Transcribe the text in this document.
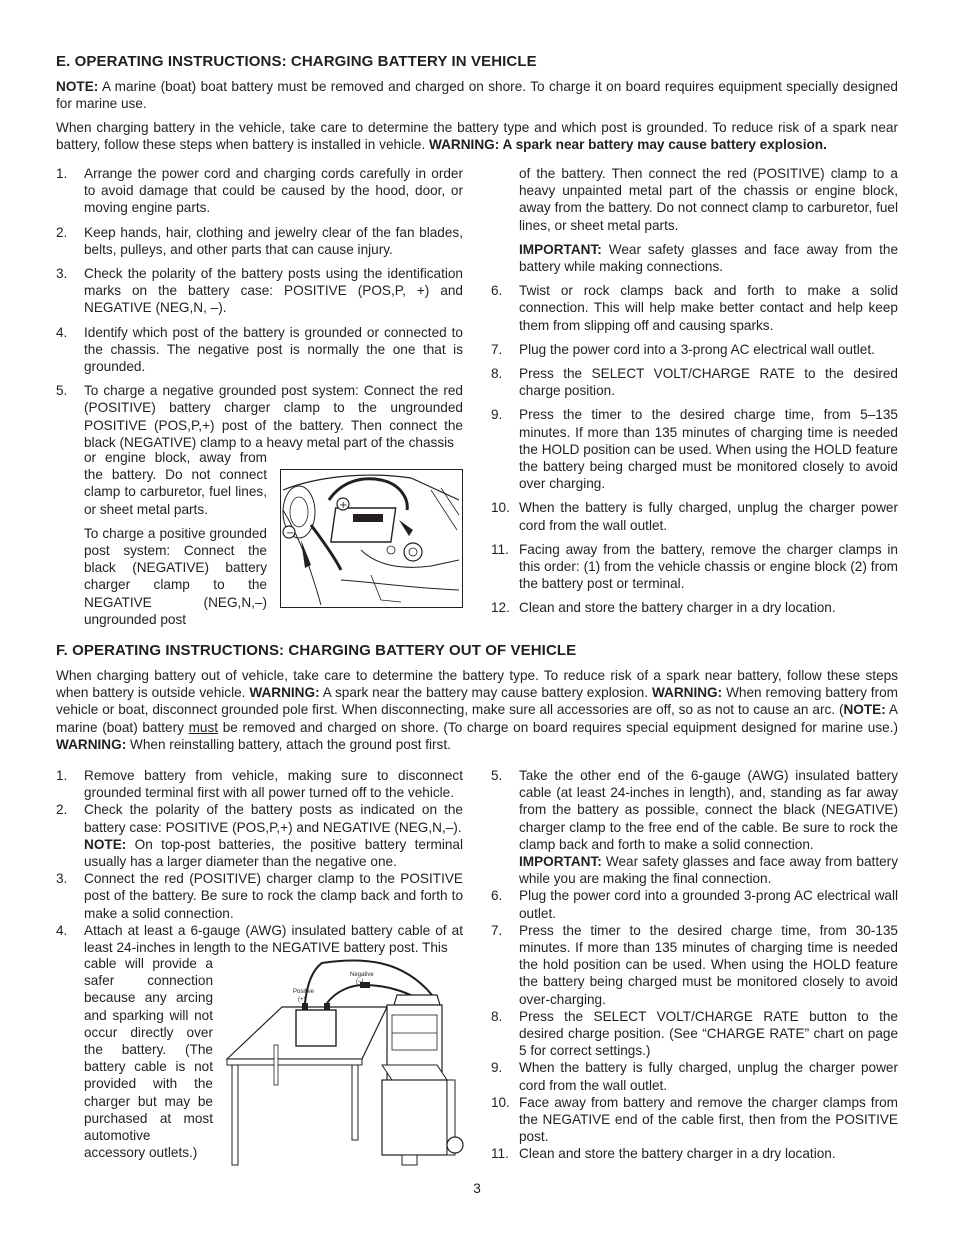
E. OPERATING INSTRUCTIONS: CHARGING BATTERY IN VEHICLE

NOTE: A marine (boat) boat battery must be removed and charged on shore. To charge it on board requires equipment specially designed for marine use.

When charging battery in the vehicle, take care to determine the battery type and which post is grounded. To reduce risk of a spark near battery, follow these steps when battery is installed in vehicle. WARNING: A spark near battery may cause battery explosion.

1. Arrange the power cord and charging cords carefully in order to avoid damage that could be caused by the hood, door, or moving engine parts.
2. Keep hands, hair, clothing and jewelry clear of the fan blades, belts, pulleys, and other parts that can cause injury.
3. Check the polarity of the battery posts using the identification marks on the battery case: POSITIVE (POS,P, +) and NEGATIVE (NEG,N, –).
4. Identify which post of the battery is grounded or connected to the chassis. The negative post is normally the one that is grounded.
5. To charge a negative grounded post system: Connect the red (POSITIVE) battery charger clamp to the ungrounded POSITIVE (POS,P,+) post of the battery. Then connect the black (NEGATIVE) clamp to a heavy metal part of the chassis

or engine block, away from the battery. Do not connect clamp to carburetor, fuel lines, or sheet metal parts.

To charge a positive grounded post system: Connect the black (NEGATIVE) battery charger clamp to the NEGATIVE (NEG,N,–) ungrounded post

+
−

of the battery. Then connect the red (POSITIVE) clamp to a heavy unpainted metal part of the chassis or engine block, away from the battery. Do not connect clamp to carburetor, fuel lines, or sheet metal parts.

IMPORTANT: Wear safety glasses and face away from the battery while making connections.

6. Twist or rock clamps back and forth to make a solid connection. This will help make better contact and help keep them from slipping off and causing sparks.
7. Plug the power cord into a 3-prong AC electrical wall outlet.
8. Press the SELECT VOLT/CHARGE RATE to the desired charge position.
9. Press the timer to the desired charge time, from 5–135 minutes. If more than 135 minutes of charging time is needed the HOLD position can be used. When using the HOLD feature the battery being charged must be monitored closely to avoid over charging.
10. When the battery is fully charged, unplug the charger power cord from the wall outlet.
11. Facing away from the battery, remove the charger clamps in this order: (1) from the vehicle chassis or engine block (2) from the battery post or terminal.
12. Clean and store the battery charger in a dry location.
F. OPERATING INSTRUCTIONS: CHARGING BATTERY OUT OF VEHICLE

When charging battery out of vehicle, take care to determine the battery type. To reduce risk of a spark near battery, follow these steps when battery is outside vehicle. WARNING: A spark near the battery may cause battery explosion. WARNING: When removing battery from vehicle or boat, disconnect grounded pole first. When disconnecting, make sure all accessories are off, so as not to cause an arc. (NOTE: A marine (boat) battery must be removed and charged on shore. (To charge on board requires special equipment designed for marine use.) WARNING: When reinstalling battery, attach the ground post first.

1. Remove battery from vehicle, making sure to disconnect grounded terminal first with all power turned off to the vehicle.
2. Check the polarity of the battery posts as indicated on the battery case: POSITIVE (POS,P,+) and NEGATIVE (NEG,N,–).
NOTE: On top-post batteries, the positive battery terminal usually has a larger diameter than the negative one.
3. Connect the red (POSITIVE) charger clamp to the POSITIVE post of the battery. Be sure to rock the clamp back and forth to make a solid connection.
4. Attach at least a 6-gauge (AWG) insulated battery cable of at least 24-inches in length to the NEGATIVE battery post. This

cable will provide a safer connection because any arcing and sparking will not occur directly over the battery. (The battery cable is not provided with the charger but may be purchased at most automotive accessory outlets.)

Positive
(+)
Negative
(–)
5. Take the other end of the 6-gauge (AWG) insulated battery cable (at least 24-inches in length), and, standing as far away from the battery as possible, connect the black (NEGATIVE) charger clamp to the free end of the cable. Be sure to rock the clamp back and forth to make a solid connection.
IMPORTANT: Wear safety glasses and face away from battery while you are making the final connection.
6. Plug the power cord into a grounded 3-prong AC electrical wall outlet.
7. Press the timer to the desired charge time, from 30-135 minutes. If more than 135 minutes of charging time is needed the hold position can be used. When using the HOLD feature the battery being charged must be monitored closely to avoid over-charging.
8. Press the SELECT VOLT/CHARGE RATE button to the desired charge position. (See “CHARGE RATE” chart on page 5 for correct settings.)
9. When the battery is fully charged, unplug the charger power cord from the wall outlet.
10. Face away from battery and remove the charger clamps from the NEGATIVE end of the cable first, then from the POSITIVE post.
11. Clean and store the battery charger in a dry location.
3
